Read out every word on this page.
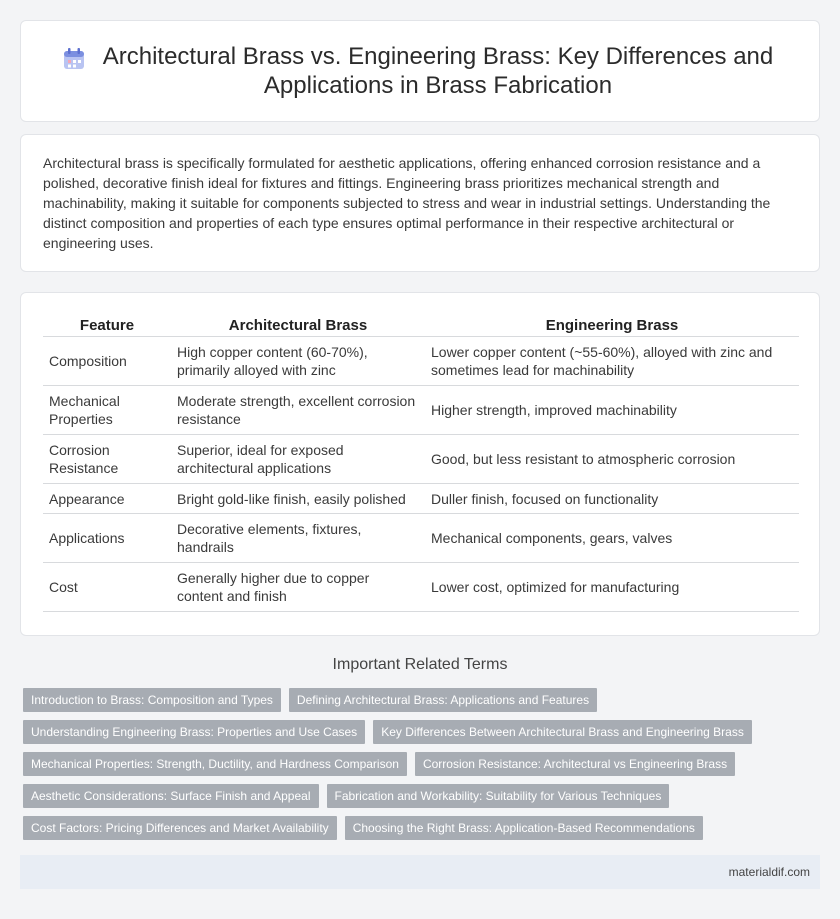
Architectural Brass vs. Engineering Brass: Key Differences and Applications in Brass Fabrication

Architectural brass is specifically formulated for aesthetic applications, offering enhanced corrosion resistance and a polished, decorative finish ideal for fixtures and fittings. Engineering brass prioritizes mechanical strength and machinability, making it suitable for components subjected to stress and wear in industrial settings. Understanding the distinct composition and properties of each type ensures optimal performance in their respective architectural or engineering uses.

Feature	Architectural Brass	Engineering Brass
Composition	High copper content (60-70%), primarily alloyed with zinc	Lower copper content (~55-60%), alloyed with zinc and sometimes lead for machinability
Mechanical Properties	Moderate strength, excellent corrosion resistance	Higher strength, improved machinability
Corrosion Resistance	Superior, ideal for exposed architectural applications	Good, but less resistant to atmospheric corrosion
Appearance	Bright gold-like finish, easily polished	Duller finish, focused on functionality
Applications	Decorative elements, fixtures, handrails	Mechanical components, gears, valves
Cost	Generally higher due to copper content and finish	Lower cost, optimized for manufacturing
Important Related Terms
Introduction to Brass: Composition and Types	Defining Architectural Brass: Applications and Features
Understanding Engineering Brass: Properties and Use Cases	Key Differences Between Architectural Brass and Engineering Brass
Mechanical Properties: Strength, Ductility, and Hardness Comparison	Corrosion Resistance: Architectural vs Engineering Brass
Aesthetic Considerations: Surface Finish and Appeal	Fabrication and Workability: Suitability for Various Techniques
Cost Factors: Pricing Differences and Market Availability	Choosing the Right Brass: Application-Based Recommendations
materialdif.com
